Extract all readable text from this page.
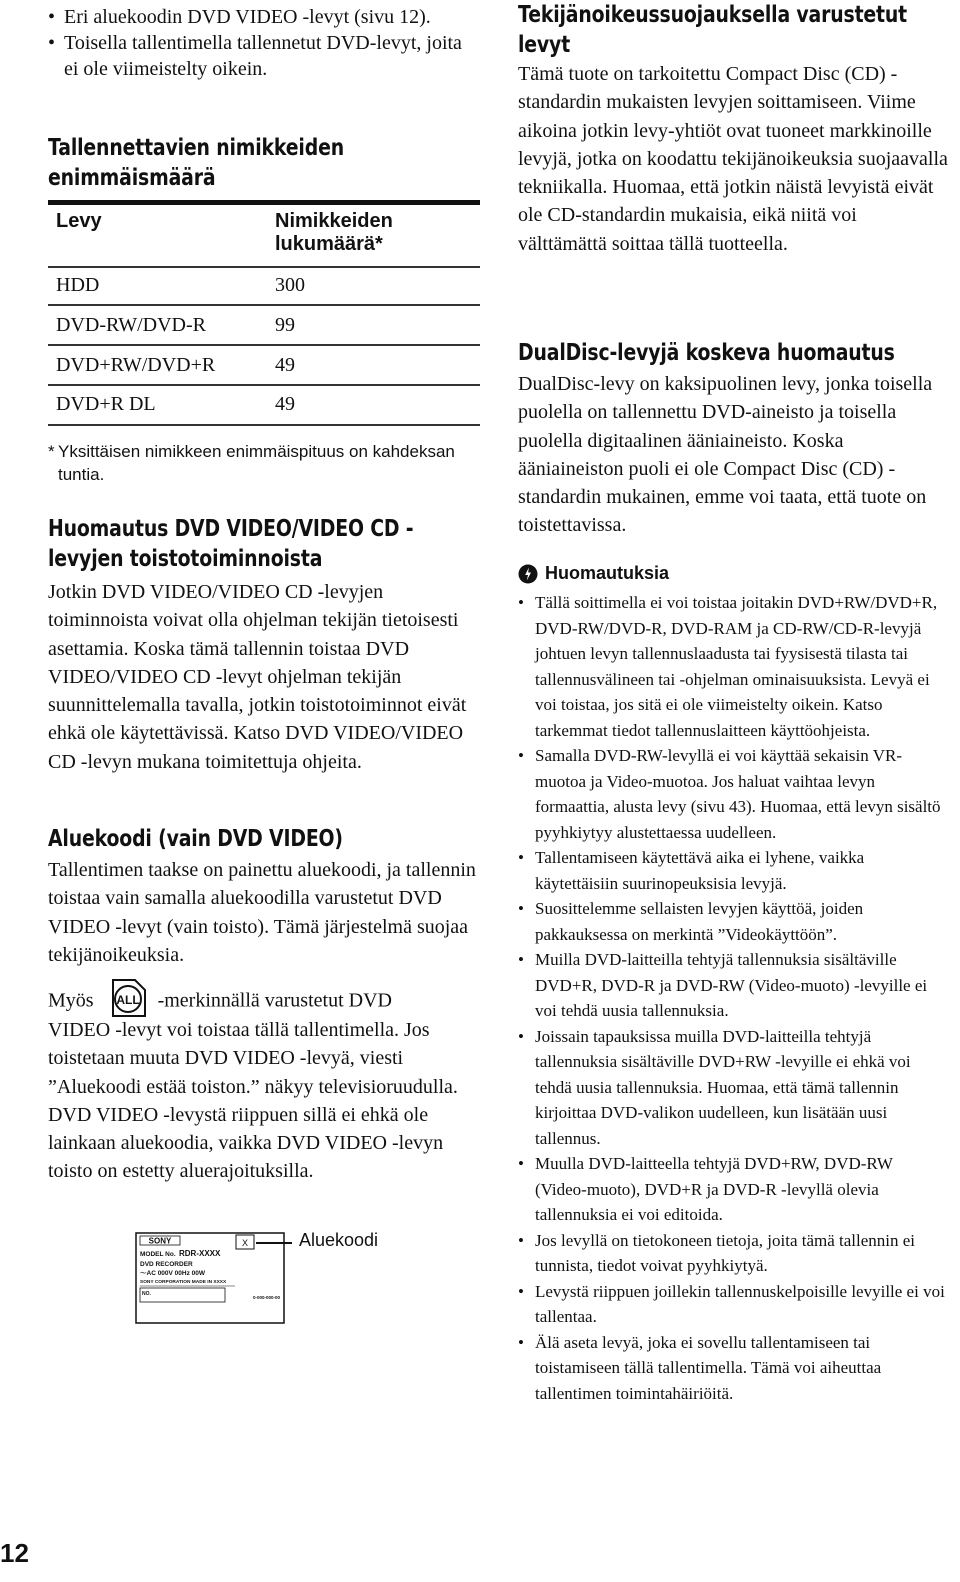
• Eri aluekoodin DVD VIDEO -levyt (sivu 12).
• Toisella tallentimella tallennetut DVD-levyt, joita ei ole viimeistelty oikein.
Tallennettavien nimikkeiden enimmäismäärä
Levy	Nimikkeiden lukumäärä*
HDD	300
DVD-RW/DVD-R	99
DVD+RW/DVD+R	49
DVD+R DL	49
* Yksittäisen nimikkeen enimmäispituus on kahdeksan tuntia.
Huomautus DVD VIDEO/VIDEO CD -levyjen toistotoiminnoista
Jotkin DVD VIDEO/VIDEO CD -levyjen toiminnoista voivat olla ohjelman tekijän tietoisesti asettamia. Koska tämä tallennin toistaa DVD VIDEO/VIDEO CD -levyt ohjelman tekijän suunnittelemalla tavalla, jotkin toistotoiminnot eivät ehkä ole käytettävissä. Katso DVD VIDEO/VIDEO CD -levyn mukana toimitettuja ohjeita.
Aluekoodi (vain DVD VIDEO)
Tallentimen taakse on painettu aluekoodi, ja tallennin toistaa vain samalla aluekoodilla varustetut DVD VIDEO -levyt (vain toisto). Tämä järjestelmä suojaa tekijänoikeuksia.
Myös ALL -merkinnällä varustetut DVD
VIDEO -levyt voi toistaa tällä tallentimella. Jos toistetaan muuta DVD VIDEO -levyä, viesti ”Aluekoodi estää toiston.” näkyy televisioruudulla. DVD VIDEO -levystä riippuen sillä ei ehkä ole lainkaan aluekoodia, vaikka DVD VIDEO -levyn toisto on estetty aluerajoituksilla.
SONY
MODEL No. RDR-XXXX
DVD RECORDER
～AC 000V 00Hz 00W
SONY CORPORATION MADE IN XXXX
NO.
0-000-000-00
X	Aluekoodi
Tekijänoikeussuojauksella varustetut levyt
Tämä tuote on tarkoitettu Compact Disc (CD) -standardin mukaisten levyjen soittamiseen. Viime aikoina jotkin levy-yhtiöt ovat tuoneet markkinoille levyjä, jotka on koodattu tekijänoikeuksia suojaavalla tekniikalla. Huomaa, että jotkin näistä levyistä eivät ole CD-standardin mukaisia, eikä niitä voi välttämättä soittaa tällä tuotteella.
DualDisc-levyjä koskeva huomautus
DualDisc-levy on kaksipuolinen levy, jonka toisella puolella on tallennettu DVD-aineisto ja toisella puolella digitaalinen ääniaineisto. Koska ääniaineiston puoli ei ole Compact Disc (CD) -standardin mukainen, emme voi taata, että tuote on toistettavissa.
Huomautuksia
• Tällä soittimella ei voi toistaa joitakin DVD+RW/DVD+R, DVD-RW/DVD-R, DVD-RAM ja CD-RW/CD-R-levyjä johtuen levyn tallennuslaadusta tai fyysisestä tilasta tai tallennusvälineen tai -ohjelman ominaisuuksista. Levyä ei voi toistaa, jos sitä ei ole viimeistelty oikein. Katso tarkemmat tiedot tallennuslaitteen käyttöohjeista.
• Samalla DVD-RW-levyllä ei voi käyttää sekaisin VR-muotoa ja Video-muotoa. Jos haluat vaihtaa levyn formaattia, alusta levy (sivu 43). Huomaa, että levyn sisältö pyyhkiytyy alustettaessa uudelleen.
• Tallentamiseen käytettävä aika ei lyhene, vaikka käytettäisiin suurinopeuksisia levyjä.
• Suosittelemme sellaisten levyjen käyttöä, joiden pakkauksessa on merkintä ”Videokäyttöön”.
• Muilla DVD-laitteilla tehtyjä tallennuksia sisältäville DVD+R, DVD-R ja DVD-RW (Video-muoto) -levyille ei voi tehdä uusia tallennuksia.
• Joissain tapauksissa muilla DVD-laitteilla tehtyjä tallennuksia sisältäville DVD+RW -levyille ei ehkä voi tehdä uusia tallennuksia. Huomaa, että tämä tallennin kirjoittaa DVD-valikon uudelleen, kun lisätään uusi tallennus.
• Muulla DVD-laitteella tehtyjä DVD+RW, DVD-RW (Video-muoto), DVD+R ja DVD-R -levyllä olevia tallennuksia ei voi editoida.
• Jos levyllä on tietokoneen tietoja, joita tämä tallennin ei tunnista, tiedot voivat pyyhkiytyä.
• Levystä riippuen joillekin tallennuskelpoisille levyille ei voi tallentaa.
• Älä aseta levyä, joka ei sovellu tallentamiseen tai toistamiseen tällä tallentimella. Tämä voi aiheuttaa tallentimen toimintahäiriöitä.
12
